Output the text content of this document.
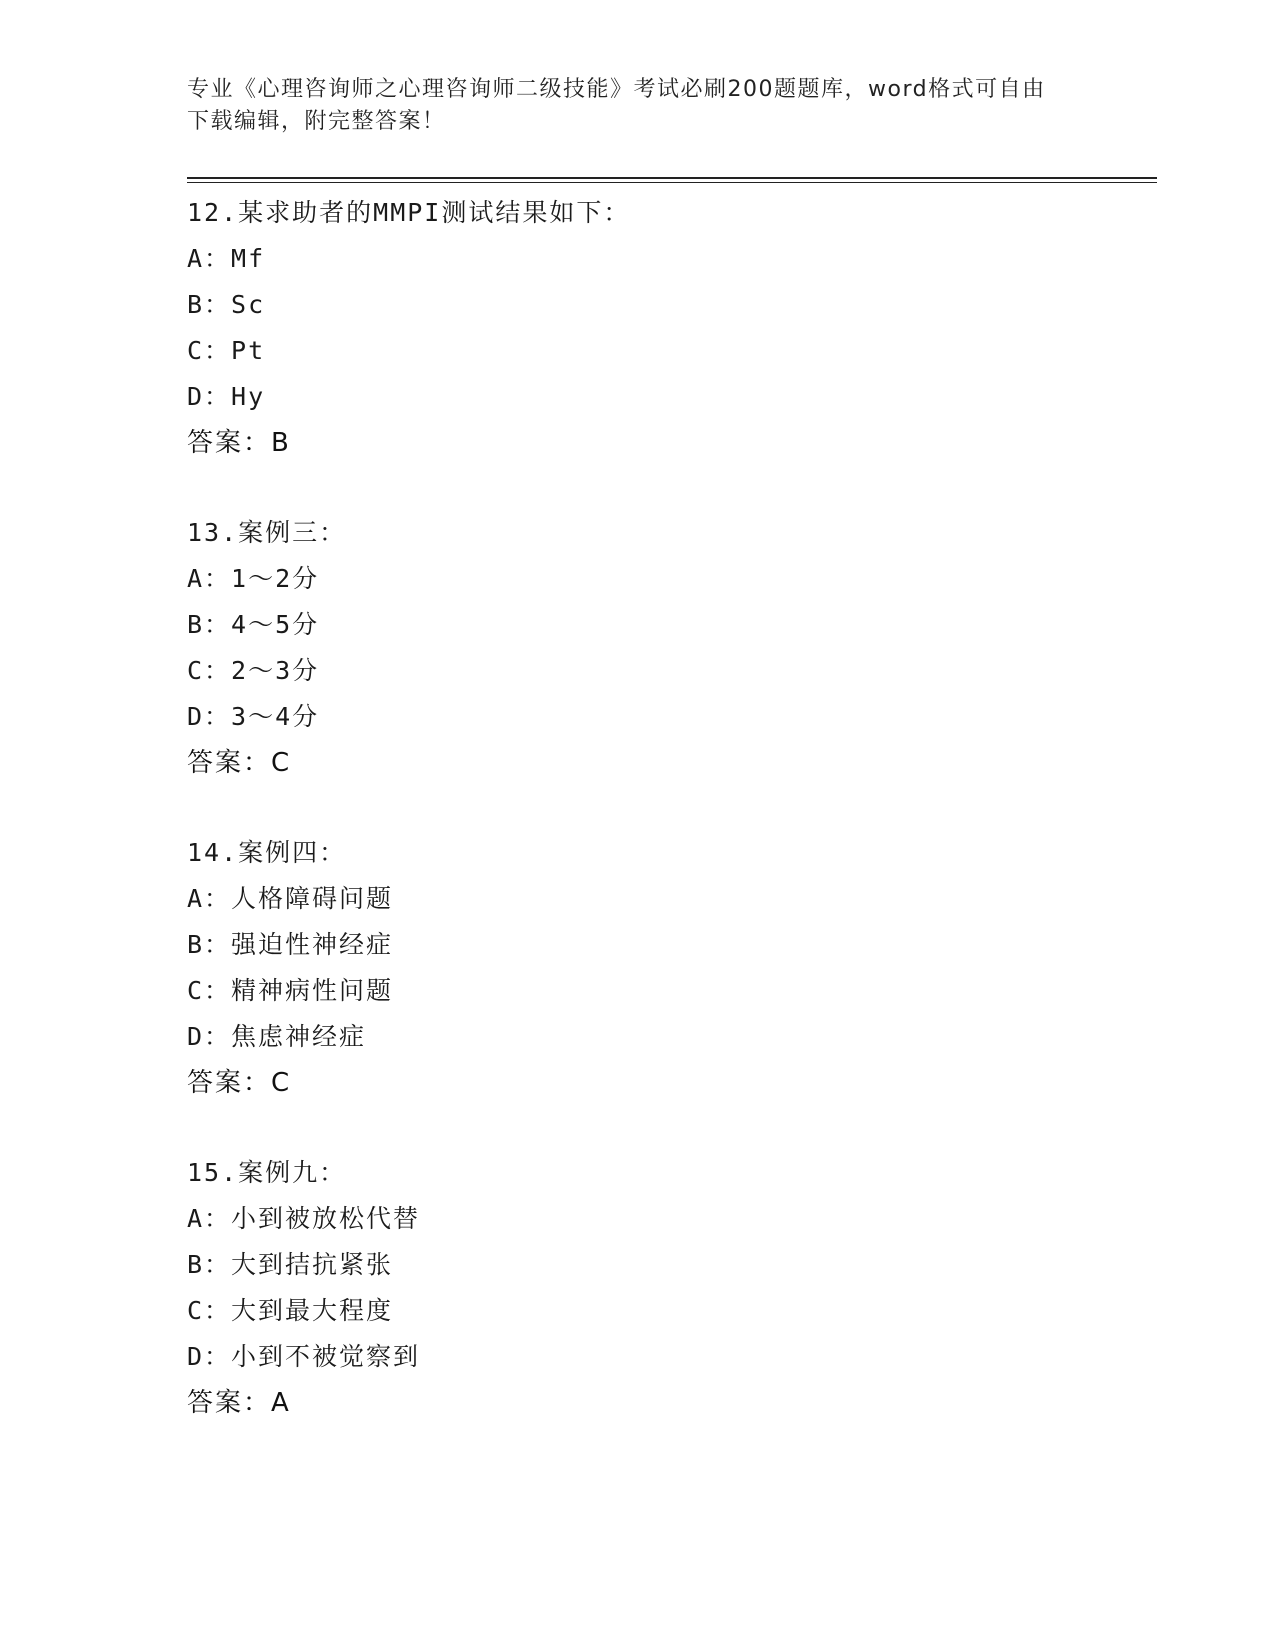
专业《心理咨询师之心理咨询师二级技能》考试必刷200题题库，word格式可自由下载编辑，附完整答案！
12.某求助者的MMPI测试结果如下：
A：Mf
B：Sc
C：Pt
D：Hy
答案：B
13.案例三：
A：1～2分
B：4～5分
C：2～3分
D：3～4分
答案：C
14.案例四：
A：人格障碍问题
B：强迫性神经症
C：精神病性问题
D：焦虑神经症
答案：C
15.案例九：
A：小到被放松代替
B：大到拮抗紧张
C：大到最大程度
D：小到不被觉察到
答案：A
